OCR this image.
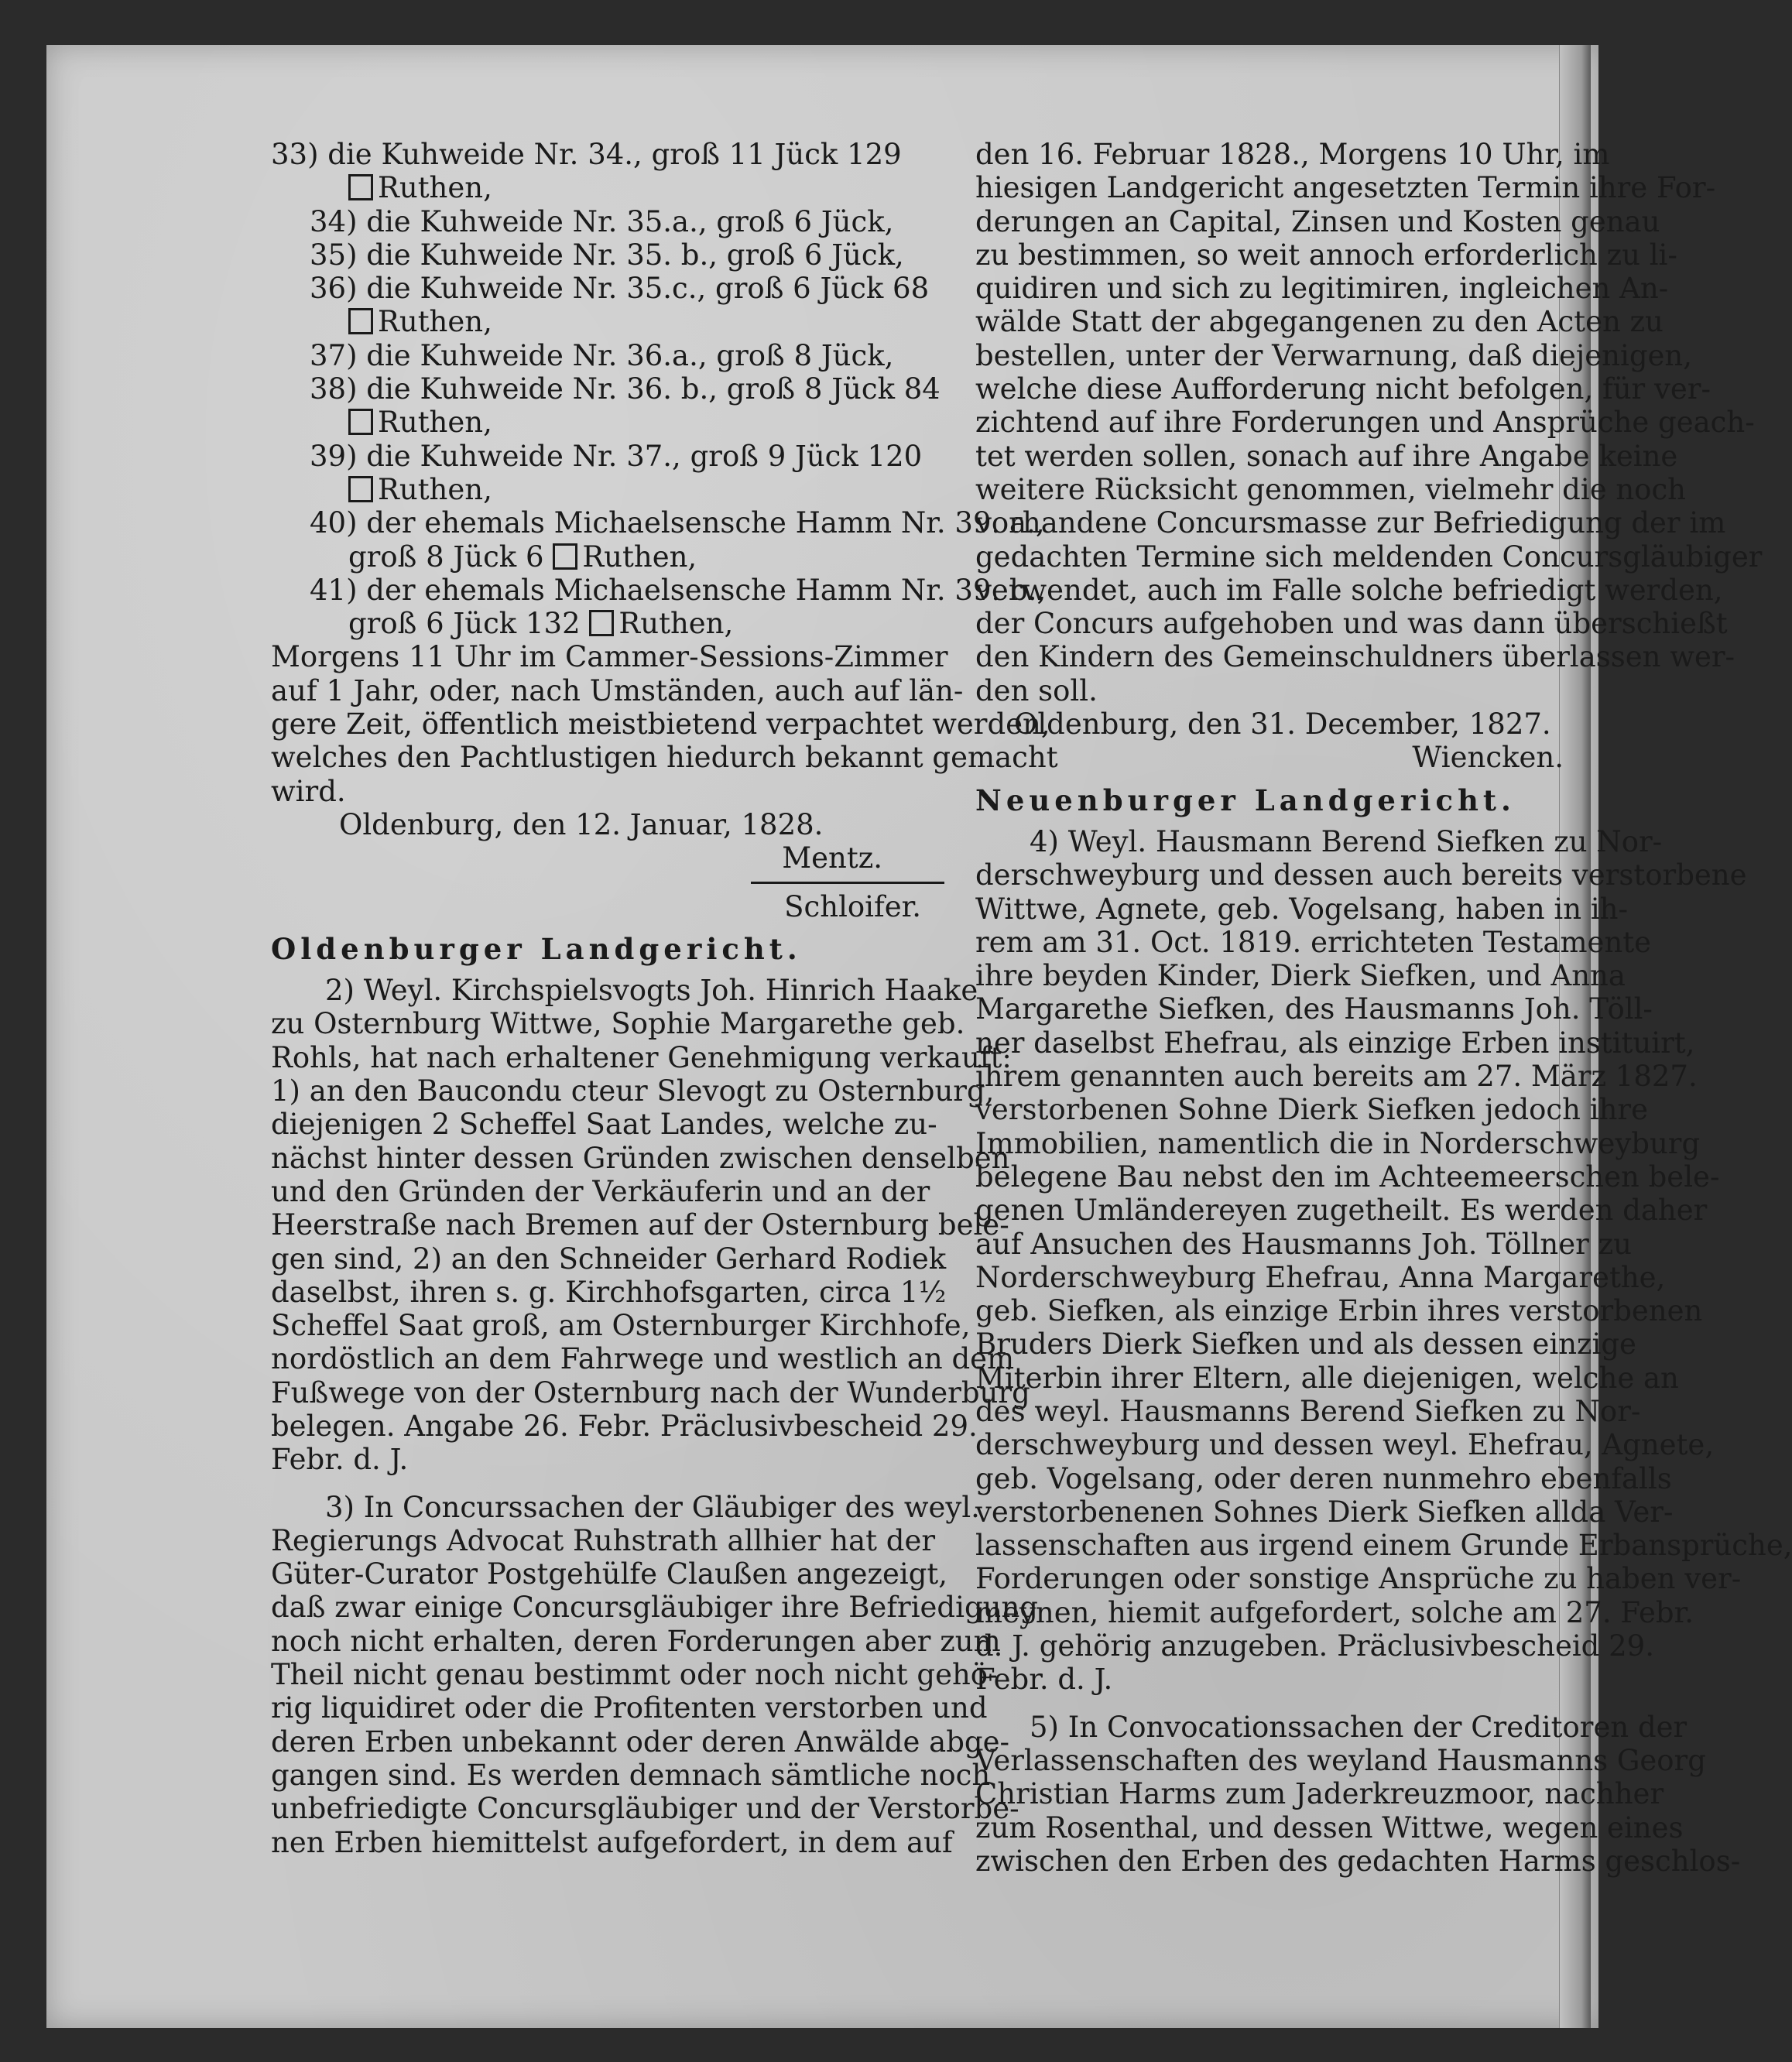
33) die Kuhweide Nr. 34., groß 11 Jück 129
Ruthen,
34) die Kuhweide Nr. 35.a., groß 6 Jück,
35) die Kuhweide Nr. 35. b., groß 6 Jück,
36) die Kuhweide Nr. 35.c., groß 6 Jück 68
Ruthen,
37) die Kuhweide Nr. 36.a., groß 8 Jück,
38) die Kuhweide Nr. 36. b., groß 8 Jück 84
Ruthen,
39) die Kuhweide Nr. 37., groß 9 Jück 120
Ruthen,
40) der ehemals Michaelsensche Hamm Nr. 39. a.,
groß 8 Jück 6 Ruthen,
41) der ehemals Michaelsensche Hamm Nr. 39. b.,
groß 6 Jück 132 Ruthen,
Morgens 11 Uhr im Cammer-Sessions-Zimmer
auf 1 Jahr, oder, nach Umständen, auch auf län-
gere Zeit, öffentlich meistbietend verpachtet werden,
welches den Pachtlustigen hiedurch bekannt gemacht
wird.
Oldenburg, den 12. Januar, 1828.
Mentz.
Schloifer.
Oldenburger Landgericht.
2) Weyl. Kirchspielsvogts Joh. Hinrich Haake
zu Osternburg Wittwe, Sophie Margarethe geb.
Rohls, hat nach erhaltener Genehmigung verkauft:
1) an den Baucondu cteur Slevogt zu Osternburg,
diejenigen 2 Scheffel Saat Landes, welche zu-
nächst hinter dessen Gründen zwischen denselben
und den Gründen der Verkäuferin und an der
Heerstraße nach Bremen auf der Osternburg bele-
gen sind, 2) an den Schneider Gerhard Rodiek
daselbst, ihren s. g. Kirchhofsgarten, circa 1½
Scheffel Saat groß, am Osternburger Kirchhofe,
nordöstlich an dem Fahrwege und westlich an dem
Fußwege von der Osternburg nach der Wunderburg
belegen. Angabe 26. Febr. Präclusivbescheid 29.
Febr. d. J.
3) In Concurssachen der Gläubiger des weyl.
Regierungs Advocat Ruhstrath allhier hat der
Güter-Curator Postgehülfe Claußen angezeigt,
daß zwar einige Concursgläubiger ihre Befriedigung
noch nicht erhalten, deren Forderungen aber zum
Theil nicht genau bestimmt oder noch nicht gehö-
rig liquidiret oder die Profitenten verstorben und
deren Erben unbekannt oder deren Anwälde abge-
gangen sind. Es werden demnach sämtliche noch
unbefriedigte Concursgläubiger und der Verstorbe-
nen Erben hiemittelst aufgefordert, in dem auf
den 16. Februar 1828., Morgens 10 Uhr, im
hiesigen Landgericht angesetzten Termin ihre For-
derungen an Capital, Zinsen und Kosten genau
zu bestimmen, so weit annoch erforderlich zu li-
quidiren und sich zu legitimiren, ingleichen An-
wälde Statt der abgegangenen zu den Acten zu
bestellen, unter der Verwarnung, daß diejenigen,
welche diese Aufforderung nicht befolgen, für ver-
zichtend auf ihre Forderungen und Ansprüche geach-
tet werden sollen, sonach auf ihre Angabe keine
weitere Rücksicht genommen, vielmehr die noch
vorhandene Concursmasse zur Befriedigung der im
gedachten Termine sich meldenden Concursgläubiger
verwendet, auch im Falle solche befriedigt werden,
der Concurs aufgehoben und was dann überschießt
den Kindern des Gemeinschuldners überlassen wer-
den soll.
Oldenburg, den 31. December, 1827.
Wiencken.
Neuenburger Landgericht.
4) Weyl. Hausmann Berend Siefken zu Nor-
derschweyburg und dessen auch bereits verstorbene
Wittwe, Agnete, geb. Vogelsang, haben in ih-
rem am 31. Oct. 1819. errichteten Testamente
ihre beyden Kinder, Dierk Siefken, und Anna
Margarethe Siefken, des Hausmanns Joh. Töll-
ner daselbst Ehefrau, als einzige Erben instituirt,
ihrem genannten auch bereits am 27. März 1827.
verstorbenen Sohne Dierk Siefken jedoch ihre
Immobilien, namentlich die in Norderschweyburg
belegene Bau nebst den im Achteemeerschen bele-
genen Umländereyen zugetheilt. Es werden daher
auf Ansuchen des Hausmanns Joh. Töllner zu
Norderschweyburg Ehefrau, Anna Margarethe,
geb. Siefken, als einzige Erbin ihres verstorbenen
Bruders Dierk Siefken und als dessen einzige
Miterbin ihrer Eltern, alle diejenigen, welche an
des weyl. Hausmanns Berend Siefken zu Nor-
derschweyburg und dessen weyl. Ehefrau, Agnete,
geb. Vogelsang, oder deren nunmehro ebenfalls
verstorbenenen Sohnes Dierk Siefken allda Ver-
lassenschaften aus irgend einem Grunde Erbansprüche,
Forderungen oder sonstige Ansprüche zu haben ver-
meynen, hiemit aufgefordert, solche am 27. Febr.
d. J. gehörig anzugeben. Präclusivbescheid 29.
Febr. d. J.
5) In Convocationssachen der Creditoren der
Verlassenschaften des weyland Hausmanns Georg
Christian Harms zum Jaderkreuzmoor, nachher
zum Rosenthal, und dessen Wittwe, wegen eines
zwischen den Erben des gedachten Harms geschlos-
